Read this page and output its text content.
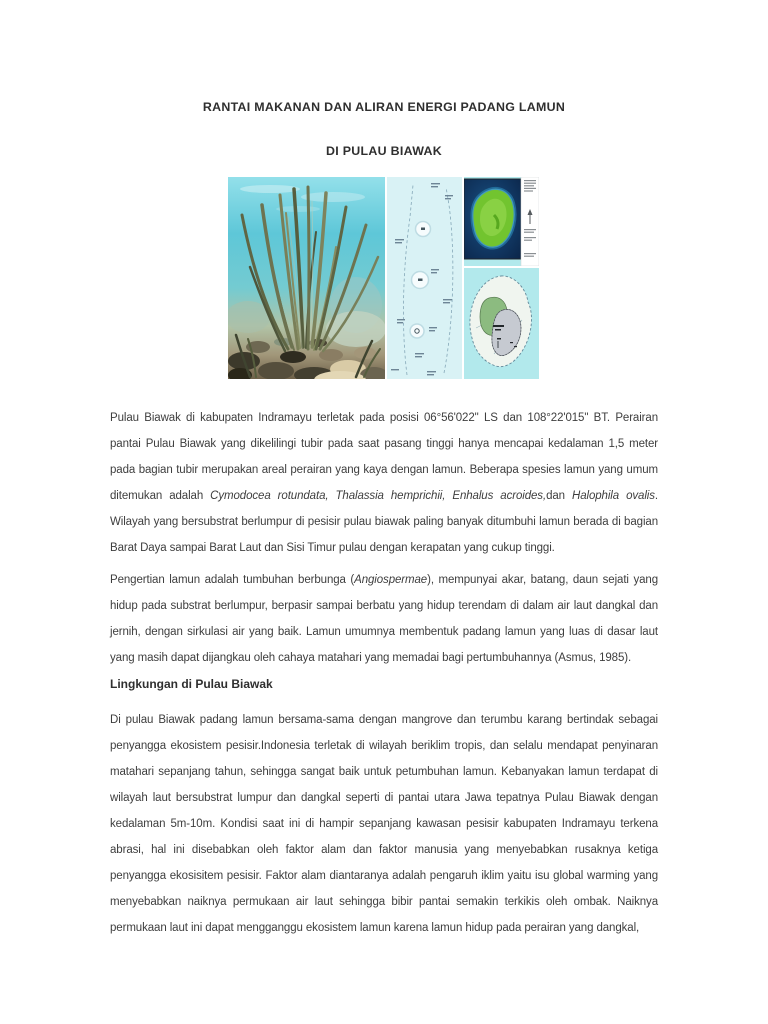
RANTAI MAKANAN DAN ALIRAN ENERGI PADANG LAMUN
DI PULAU BIAWAK

Pulau Biawak di kabupaten Indramayu terletak pada posisi 06°56'022" LS dan 108°22'015" BT. Perairan pantai Pulau Biawak yang dikelilingi tubir pada saat pasang tinggi hanya mencapai kedalaman 1,5 meter pada bagian tubir merupakan areal perairan yang kaya dengan lamun. Beberapa spesies lamun yang umum ditemukan adalah Cymodocea rotundata, Thalassia hemprichii, Enhalus acroides,dan Halophila ovalis. Wilayah yang bersubstrat berlumpur di pesisir pulau biawak paling banyak ditumbuhi lamun berada di bagian Barat Daya sampai Barat Laut dan Sisi Timur pulau dengan kerapatan yang cukup tinggi.

Pengertian lamun adalah tumbuhan berbunga (Angiospermae), mempunyai akar, batang, daun sejati yang hidup pada substrat berlumpur, berpasir sampai berbatu yang hidup terendam di dalam air laut dangkal dan jernih, dengan sirkulasi air yang baik. Lamun umumnya membentuk padang lamun yang luas di dasar laut yang masih dapat dijangkau oleh cahaya matahari yang memadai bagi pertumbuhannya (Asmus, 1985).

Lingkungan di Pulau Biawak

Di pulau Biawak padang lamun bersama-sama dengan mangrove dan terumbu karang bertindak sebagai penyangga ekosistem pesisir.Indonesia terletak di wilayah beriklim tropis, dan selalu mendapat penyinaran matahari sepanjang tahun, sehingga sangat baik untuk petumbuhan lamun. Kebanyakan lamun terdapat di wilayah laut bersubstrat lumpur dan dangkal seperti di pantai utara Jawa tepatnya Pulau Biawak dengan kedalaman 5m-10m. Kondisi saat ini di hampir sepanjang kawasan pesisir kabupaten Indramayu terkena abrasi, hal ini disebabkan oleh faktor alam dan faktor manusia yang menyebabkan rusaknya ketiga penyangga ekosisitem pesisir. Faktor alam diantaranya adalah pengaruh iklim yaitu isu global warming yang menyebabkan naiknya permukaan air laut sehingga bibir pantai semakin terkikis oleh ombak. Naiknya permukaan laut ini dapat mengganggu ekosistem lamun karena lamun hidup pada perairan yang dangkal,
